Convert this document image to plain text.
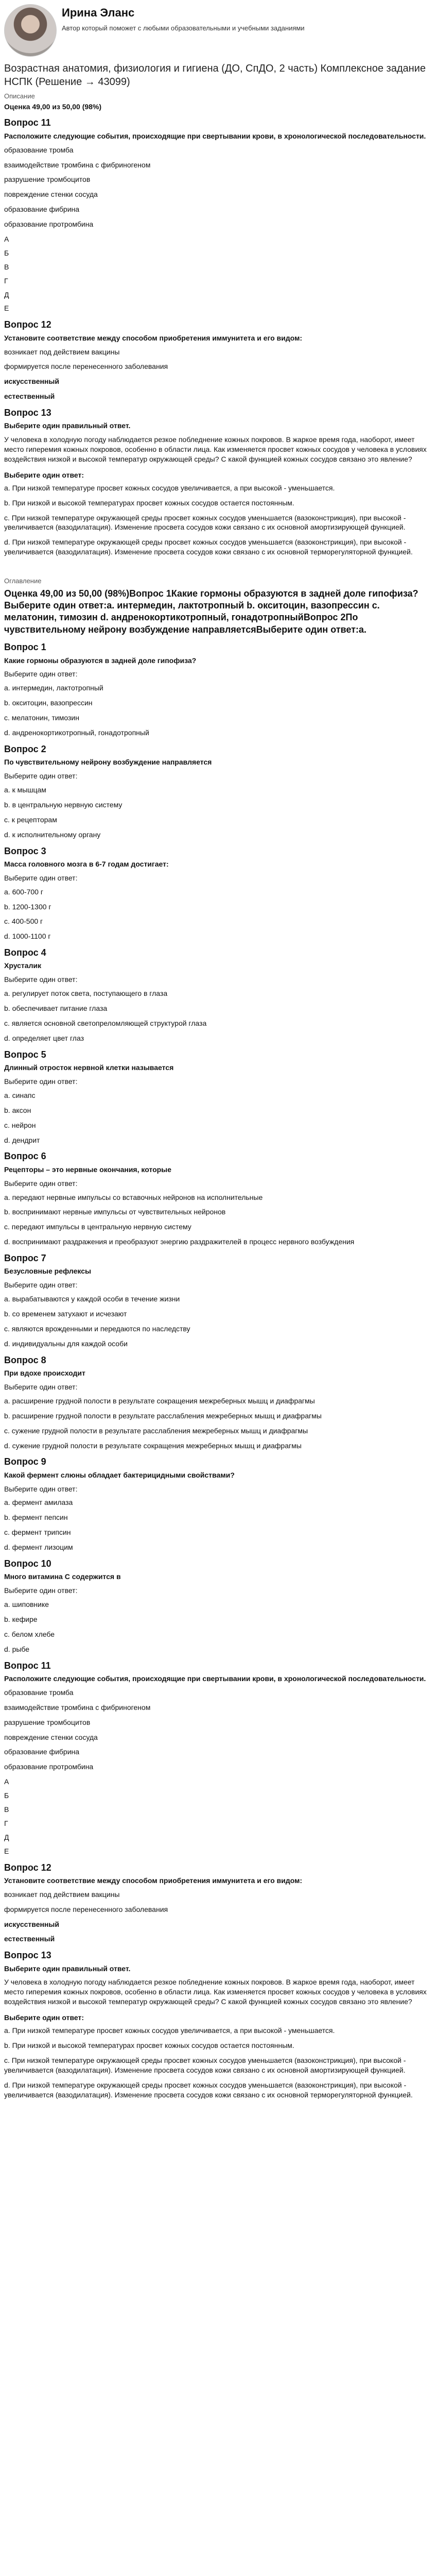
Ирина Эланс
Автор который поможет с любыми образовательными и учебными заданиями
Возрастная анатомия, физиология и гигиена (ДО, СпДО, 2 часть) Комплексное задание НСПК (Решение → 43099)
Описание
Оценка 49,00 из 50,00 (98%)
Вопрос 11
Расположите следующие события, происходящие при свертывании крови, в хронологической последовательности.
образование тромба
взаимодействие тромбина с фибриногеном
разрушение тромбоцитов
повреждение стенки сосуда
образование фибрина
образование протромбина
А
Б
В
Г
Д
Е
Вопрос 12
Установите соответствие между способом приобретения иммунитета и его видом:
возникает под действием вакцины
формируется после перенесенного заболевания
искусственный
естественный
Вопрос 13
Выберите один правильный ответ.
У человека в холодную погоду наблюдается резкое побледнение кожных покровов. В жаркое время года, наоборот, имеет место гиперемия кожных покровов, особенно в области лица. Как изменяется просвет кожных сосудов у человека в условиях воздействия низкой и высокой температур окружающей среды? С какой функцией кожных сосудов связано это явление?
Выберите один ответ:
a. При низкой температуре просвет кожных сосудов увеличивается, а при высокой - уменьшается.
b. При низкой и высокой температурах просвет кожных сосудов остается постоянным.
c. При низкой температуре окружающей среды просвет кожных сосудов уменьшается (вазоконстрикция), при высокой - увеличивается (вазодилатация). Изменение просвета сосудов кожи связано с их основной амортизирующей функцией.
d. При низкой температуре окружающей среды просвет кожных сосудов уменьшается (вазоконстрикция), при высокой - увеличивается (вазодилатация). Изменение просвета сосудов кожи связано с их основной терморегуляторной функцией.
Оглавление
Оценка 49,00 из 50,00 (98%)Вопрос 1Какие гормоны образуются в задней доле гипофиза?Выберите один ответ:a. интермедин, лактотропный b. окситоцин, вазопрессин c. мелатонин, тимозин d. андренокортикотропный, гонадотропныйВопрос 2По чувствительному нейрону возбуждение направляетсяВыберите один ответ:a.
Вопрос 1
Какие гормоны образуются в задней доле гипофиза?
Выберите один ответ:
a. интермедин, лактотропный
b. окситоцин, вазопрессин
c. мелатонин, тимозин
d. андренокортикотропный, гонадотропный
Вопрос 2
По чувствительному нейрону возбуждение направляется
Выберите один ответ:
a. к мышцам
b. в центральную нервную систему
c. к рецепторам
d. к исполнительному органу
Вопрос 3
Масса головного мозга в 6-7 годам достигает:
Выберите один ответ:
a. 600-700 г
b. 1200-1300 г
c. 400-500 г
d. 1000-1100 г
Вопрос 4
Хрусталик
Выберите один ответ:
a. регулирует поток света, поступающего в глаза
b. обеспечивает питание глаза
c. является основной светопреломляющей структурой глаза
d. определяет цвет глаз
Вопрос 5
Длинный отросток нервной клетки называется
Выберите один ответ:
a. синапс
b. аксон
c. нейрон
d. дендрит
Вопрос 6
Рецепторы – это нервные окончания, которые
Выберите один ответ:
a. передают нервные импульсы со вставочных нейронов на исполнительные
b. воспринимают нервные импульсы от чувствительных нейронов
c. передают импульсы в центральную нервную систему
d. воспринимают раздражения и преобразуют энергию раздражителей в процесс нервного возбуждения
Вопрос 7
Безусловные рефлексы
Выберите один ответ:
a. вырабатываются у каждой особи в течение жизни
b. со временем затухают и исчезают
c. являются врожденными и передаются по наследству
d. индивидуальны для каждой особи
Вопрос 8
При вдохе происходит
Выберите один ответ:
a. расширение грудной полости в результате сокращения межреберных мышц и диафрагмы
b. расширение грудной полости в результате расслабления межреберных мышц и диафрагмы
c. сужение грудной полости в результате расслабления межреберных мышц и диафрагмы
d. сужение грудной полости в результате сокращения межреберных мышц и диафрагмы
Вопрос 9
Какой фермент слюны обладает бактерицидными свойствами?
Выберите один ответ:
a. фермент амилаза
b. фермент пепсин
c. фермент трипсин
d. фермент лизоцим
Вопрос 10
Много витамина С содержится в
Выберите один ответ:
a. шиповнике
b. кефире
c. белом хлебе
d. рыбе
Вопрос 11
Расположите следующие события, происходящие при свертывании крови, в хронологической последовательности.
образование тромба
взаимодействие тромбина с фибриногеном
разрушение тромбоцитов
повреждение стенки сосуда
образование фибрина
образование протромбина
А
Б
В
Г
Д
Е
Вопрос 12
Установите соответствие между способом приобретения иммунитета и его видом:
возникает под действием вакцины
формируется после перенесенного заболевания
искусственный
естественный
Вопрос 13
Выберите один правильный ответ.
У человека в холодную погоду наблюдается резкое побледнение кожных покровов. В жаркое время года, наоборот, имеет место гиперемия кожных покровов, особенно в области лица. Как изменяется просвет кожных сосудов у человека в условиях воздействия низкой и высокой температур окружающей среды? С какой функцией кожных сосудов связано это явление?
Выберите один ответ:
a. При низкой температуре просвет кожных сосудов увеличивается, а при высокой - уменьшается.
b. При низкой и высокой температурах просвет кожных сосудов остается постоянным.
c. При низкой температуре окружающей среды просвет кожных сосудов уменьшается (вазоконстрикция), при высокой - увеличивается (вазодилатация). Изменение просвета сосудов кожи связано с их основной амортизирующей функцией.
d. При низкой температуре окружающей среды просвет кожных сосудов уменьшается (вазоконстрикция), при высокой - увеличивается (вазодилатация). Изменение просвета сосудов кожи связано с их основной терморегуляторной функцией.
